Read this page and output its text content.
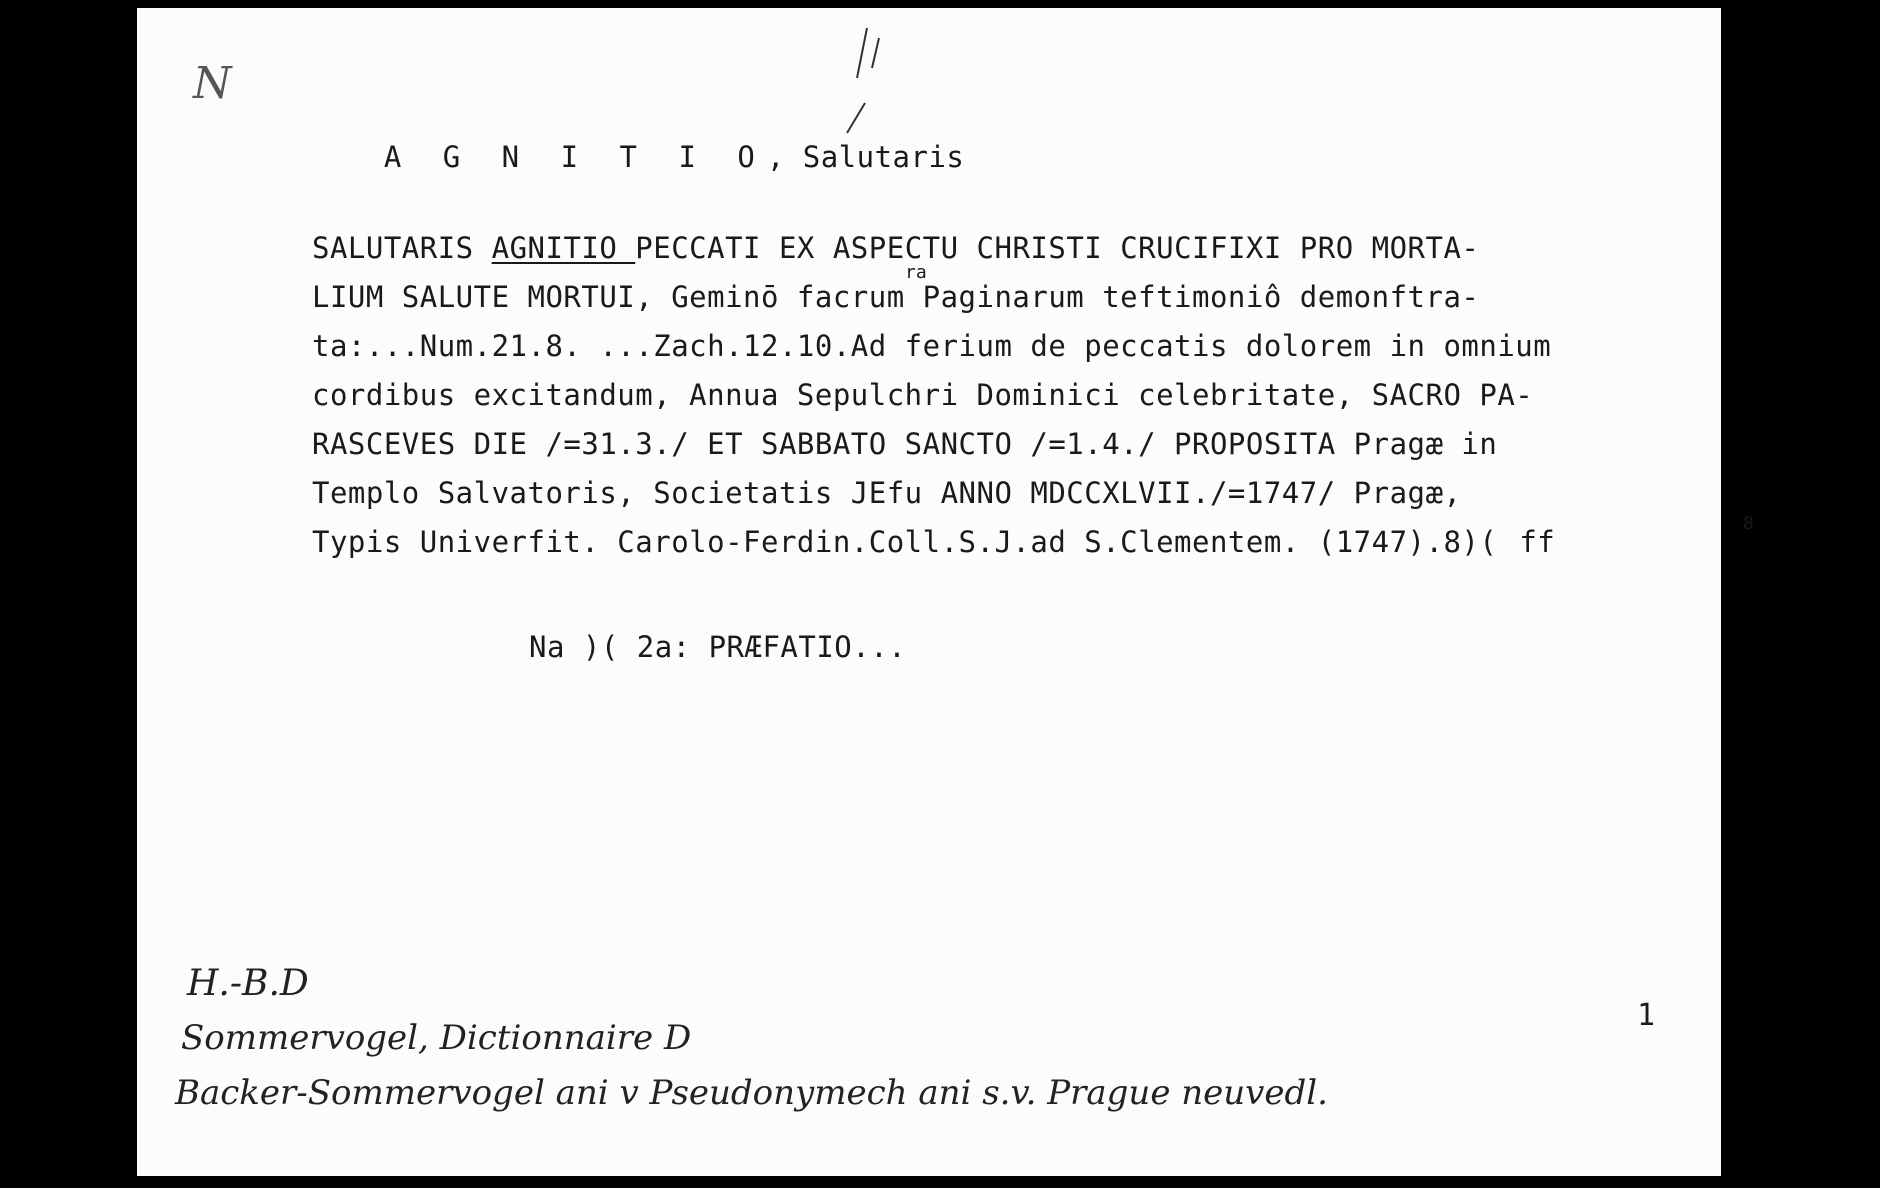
N

A G N I T I O, Salutaris

SALUTARIS AGNITIO PECCATI EX ASPECTU CHRISTI CRUCIFIXI PRO MORTA-
LIUM SALUTE MORTUI, Geminō facrum Paginarum teftimoniô demonftra-
ta:...Num.21.8. ...Zach.12.10.Ad ferium de peccatis dolorem in omnium
cordibus excitandum, Annua Sepulchri Dominici celebritate, SACRO PA-
RASCEVES DIE /=31.3./ ET SABBATO SANCTO /=1.4./ PROPOSITA Pragæ in
Templo Salvatoris, Societatis JEfu ANNO MDCCXLVII./=1747/ Pragæ,
Typis Univerfit. Carolo-Ferdin.Coll.S.J.ad S.Clementem. (1747).8)( ff
ra
8
Na )( 2a: PRÆFATIO...
1
H.-B.D
Sommervogel, Dictionnaire D
Backer-Sommervogel ani v Pseudonymech ani s.v. Prague neuvedl.
